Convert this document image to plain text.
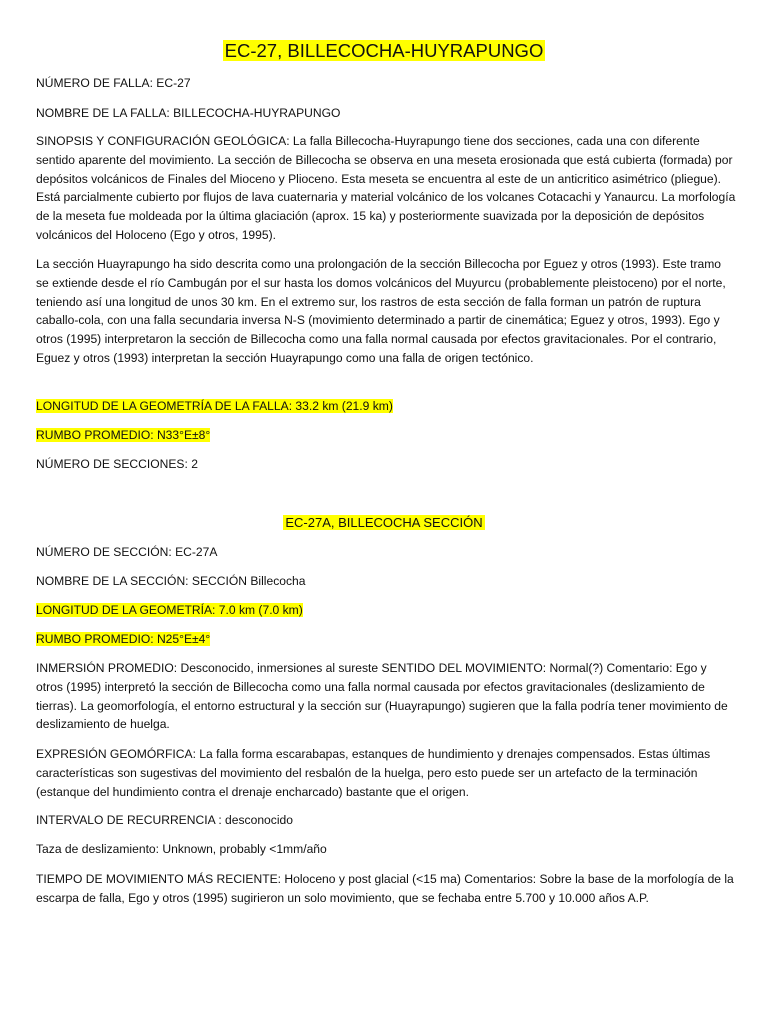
EC-27, BILLECOCHA-HUYRAPUNGO

NÚMERO DE FALLA: EC-27

NOMBRE DE LA FALLA: BILLECOCHA-HUYRAPUNGO

SINOPSIS Y CONFIGURACIÓN GEOLÓGICA: La falla Billecocha-Huyrapungo tiene dos secciones, cada una con diferente sentido aparente del movimiento. La sección de Billecocha se observa en una meseta erosionada que está cubierta (formada) por depósitos volcánicos de Finales del Mioceno y Plioceno. Esta meseta se encuentra al este de un anticritico asimétrico (pliegue). Está parcialmente cubierto por flujos de lava cuaternaria y material volcánico de los volcanes Cotacachi y Yanaurcu. La morfología de la meseta fue moldeada por la última glaciación (aprox. 15 ka) y posteriormente suavizada por la deposición de depósitos volcánicos del Holoceno (Ego y otros, 1995).

La sección Huayrapungo ha sido descrita como una prolongación de la sección Billecocha por Eguez y otros (1993). Este tramo se extiende desde el río Cambugán por el sur hasta los domos volcánicos del Muyurcu (probablemente pleistoceno) por el norte, teniendo así una longitud de unos 30 km. En el extremo sur, los rastros de esta sección de falla forman un patrón de ruptura caballo-cola, con una falla secundaria inversa N-S (movimiento determinado a partir de cinemática; Eguez y otros, 1993). Ego y otros (1995) interpretaron la sección de Billecocha como una falla normal causada por efectos gravitacionales. Por el contrario, Eguez y otros (1993) interpretan la sección Huayrapungo como una falla de origen tectónico.

LONGITUD DE LA GEOMETRÍA DE LA FALLA: 33.2 km (21.9 km)

RUMBO PROMEDIO: N33°E±8°

NÚMERO DE SECCIONES: 2

EC-27A, BILLECOCHA SECCIÓN

NÚMERO DE SECCIÓN: EC-27A

NOMBRE DE LA SECCIÓN: SECCIÓN Billecocha

LONGITUD DE LA GEOMETRÍA: 7.0 km (7.0 km)

RUMBO PROMEDIO: N25°E±4°

INMERSIÓN PROMEDIO: Desconocido, inmersiones al sureste SENTIDO DEL MOVIMIENTO: Normal(?) Comentario: Ego y otros (1995) interpretó la sección de Billecocha como una falla normal causada por efectos gravitacionales (deslizamiento de tierras). La geomorfología, el entorno estructural y la sección sur (Huayrapungo) sugieren que la falla podría tener movimiento de deslizamiento de huelga.

EXPRESIÓN GEOMÓRFICA: La falla forma escarabapas, estanques de hundimiento y drenajes compensados. Estas últimas características son sugestivas del movimiento del resbalón de la huelga, pero esto puede ser un artefacto de la terminación (estanque del hundimiento contra el drenaje encharcado) bastante que el origen.

INTERVALO DE RECURRENCIA : desconocido

Taza de deslizamiento: Unknown, probably <1mm/año

TIEMPO DE MOVIMIENTO MÁS RECIENTE: Holoceno y post glacial (<15 ma) Comentarios: Sobre la base de la morfología de la escarpa de falla, Ego y otros (1995) sugirieron un solo movimiento, que se fechaba entre 5.700 y 10.000 años A.P.
